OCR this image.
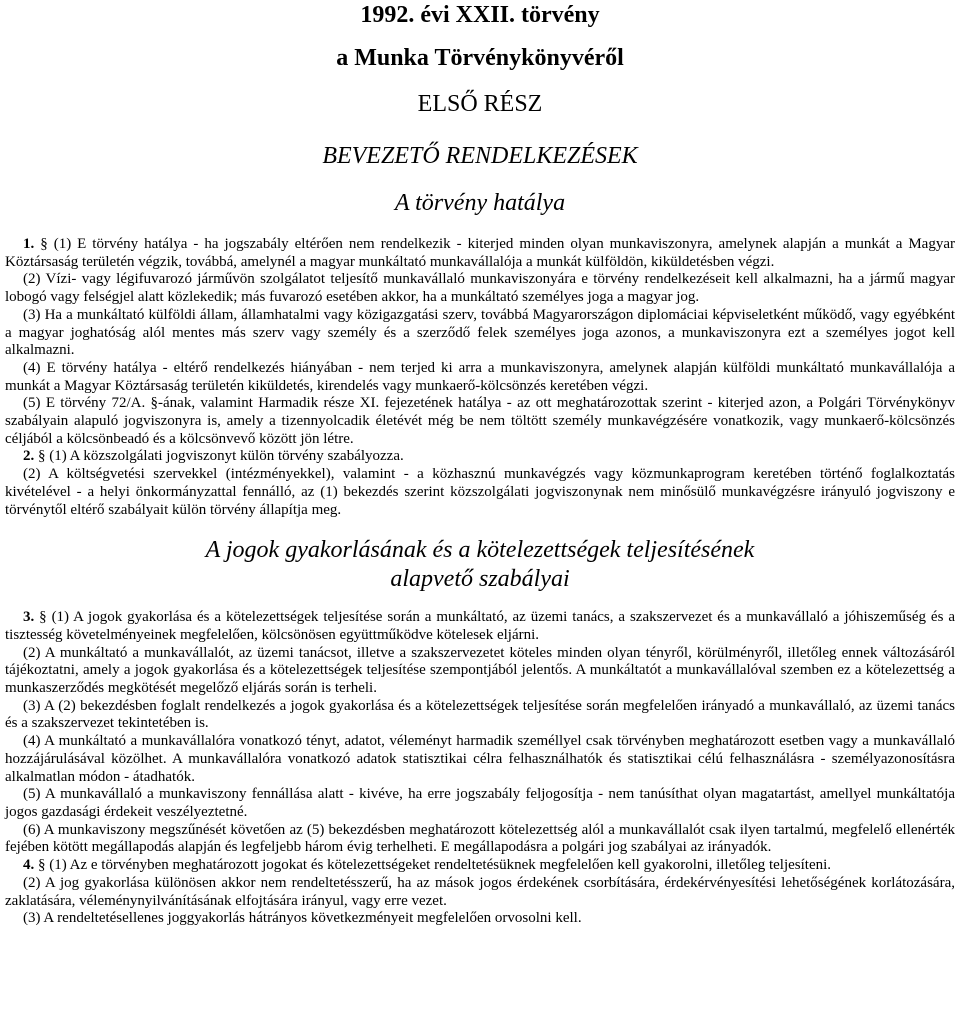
1992. évi XXII. törvény
a Munka Törvénykönyvéről
ELSŐ RÉSZ
BEVEZETŐ RENDELKEZÉSEK
A törvény hatálya

1. § (1) E törvény hatálya - ha jogszabály eltérően nem rendelkezik - kiterjed minden olyan munkaviszonyra, amelynek alapján a munkát a Magyar Köztársaság területén végzik, továbbá, amelynél a magyar munkáltató munkavállalója a munkát külföldön, kiküldetésben végzi.

(2) Vízi- vagy légifuvarozó járművön szolgálatot teljesítő munkavállaló munkaviszonyára e törvény rendelkezéseit kell alkalmazni, ha a jármű magyar lobogó vagy felségjel alatt közlekedik; más fuvarozó esetében akkor, ha a munkáltató személyes joga a magyar jog.

(3) Ha a munkáltató külföldi állam, államhatalmi vagy közigazgatási szerv, továbbá Magyarországon diplomáciai képviseletként működő, vagy egyébként a magyar joghatóság alól mentes más szerv vagy személy és a szerződő felek személyes joga azonos, a munkaviszonyra ezt a személyes jogot kell alkalmazni.

(4) E törvény hatálya - eltérő rendelkezés hiányában - nem terjed ki arra a munkaviszonyra, amelynek alapján külföldi munkáltató munkavállalója a munkát a Magyar Köztársaság területén kiküldetés, kirendelés vagy munkaerő-kölcsönzés keretében végzi.

(5) E törvény 72/A. §-ának, valamint Harmadik része XI. fejezetének hatálya - az ott meghatározottak szerint - kiterjed azon, a Polgári Törvénykönyv szabályain alapuló jogviszonyra is, amely a tizennyolcadik életévét még be nem töltött személy munkavégzésére vonatkozik, vagy munkaerő-kölcsönzés céljából a kölcsönbeadó és a kölcsönvevő között jön létre.

2. § (1) A közszolgálati jogviszonyt külön törvény szabályozza.

(2) A költségvetési szervekkel (intézményekkel), valamint - a közhasznú munkavégzés vagy közmunkaprogram keretében történő foglalkoztatás kivételével - a helyi önkormányzattal fennálló, az (1) bekezdés szerint közszolgálati jogviszonynak nem minősülő munkavégzésre irányuló jogviszony e törvénytől eltérő szabályait külön törvény állapítja meg.

A jogok gyakorlásának és a kötelezettségek teljesítésének
alapvető szabályai

3. § (1) A jogok gyakorlása és a kötelezettségek teljesítése során a munkáltató, az üzemi tanács, a szakszervezet és a munkavállaló a jóhiszeműség és a tisztesség követelményeinek megfelelően, kölcsönösen együttműködve kötelesek eljárni.

(2) A munkáltató a munkavállalót, az üzemi tanácsot, illetve a szakszervezetet köteles minden olyan tényről, körülményről, illetőleg ennek változásáról tájékoztatni, amely a jogok gyakorlása és a kötelezettségek teljesítése szempontjából jelentős. A munkáltatót a munkavállalóval szemben ez a kötelezettség a munkaszerződés megkötését megelőző eljárás során is terheli.

(3) A (2) bekezdésben foglalt rendelkezés a jogok gyakorlása és a kötelezettségek teljesítése során megfelelően irányadó a munkavállaló, az üzemi tanács és a szakszervezet tekintetében is.

(4) A munkáltató a munkavállalóra vonatkozó tényt, adatot, véleményt harmadik személlyel csak törvényben meghatározott esetben vagy a munkavállaló hozzájárulásával közölhet. A munkavállalóra vonatkozó adatok statisztikai célra felhasználhatók és statisztikai célú felhasználásra - személyazonosításra alkalmatlan módon - átadhatók.

(5) A munkavállaló a munkaviszony fennállása alatt - kivéve, ha erre jogszabály feljogosítja - nem tanúsíthat olyan magatartást, amellyel munkáltatója jogos gazdasági érdekeit veszélyeztetné.

(6) A munkaviszony megszűnését követően az (5) bekezdésben meghatározott kötelezettség alól a munkavállalót csak ilyen tartalmú, megfelelő ellenérték fejében kötött megállapodás alapján és legfeljebb három évig terhelheti. E megállapodásra a polgári jog szabályai az irányadók.

4. § (1) Az e törvényben meghatározott jogokat és kötelezettségeket rendeltetésüknek megfelelően kell gyakorolni, illetőleg teljesíteni.

(2) A jog gyakorlása különösen akkor nem rendeltetésszerű, ha az mások jogos érdekének csorbítására, érdekérvényesítési lehetőségének korlátozására, zaklatására, véleménynyilvánításának elfojtására irányul, vagy erre vezet.

(3) A rendeltetésellenes joggyakorlás hátrányos következményeit megfelelően orvosolni kell.
